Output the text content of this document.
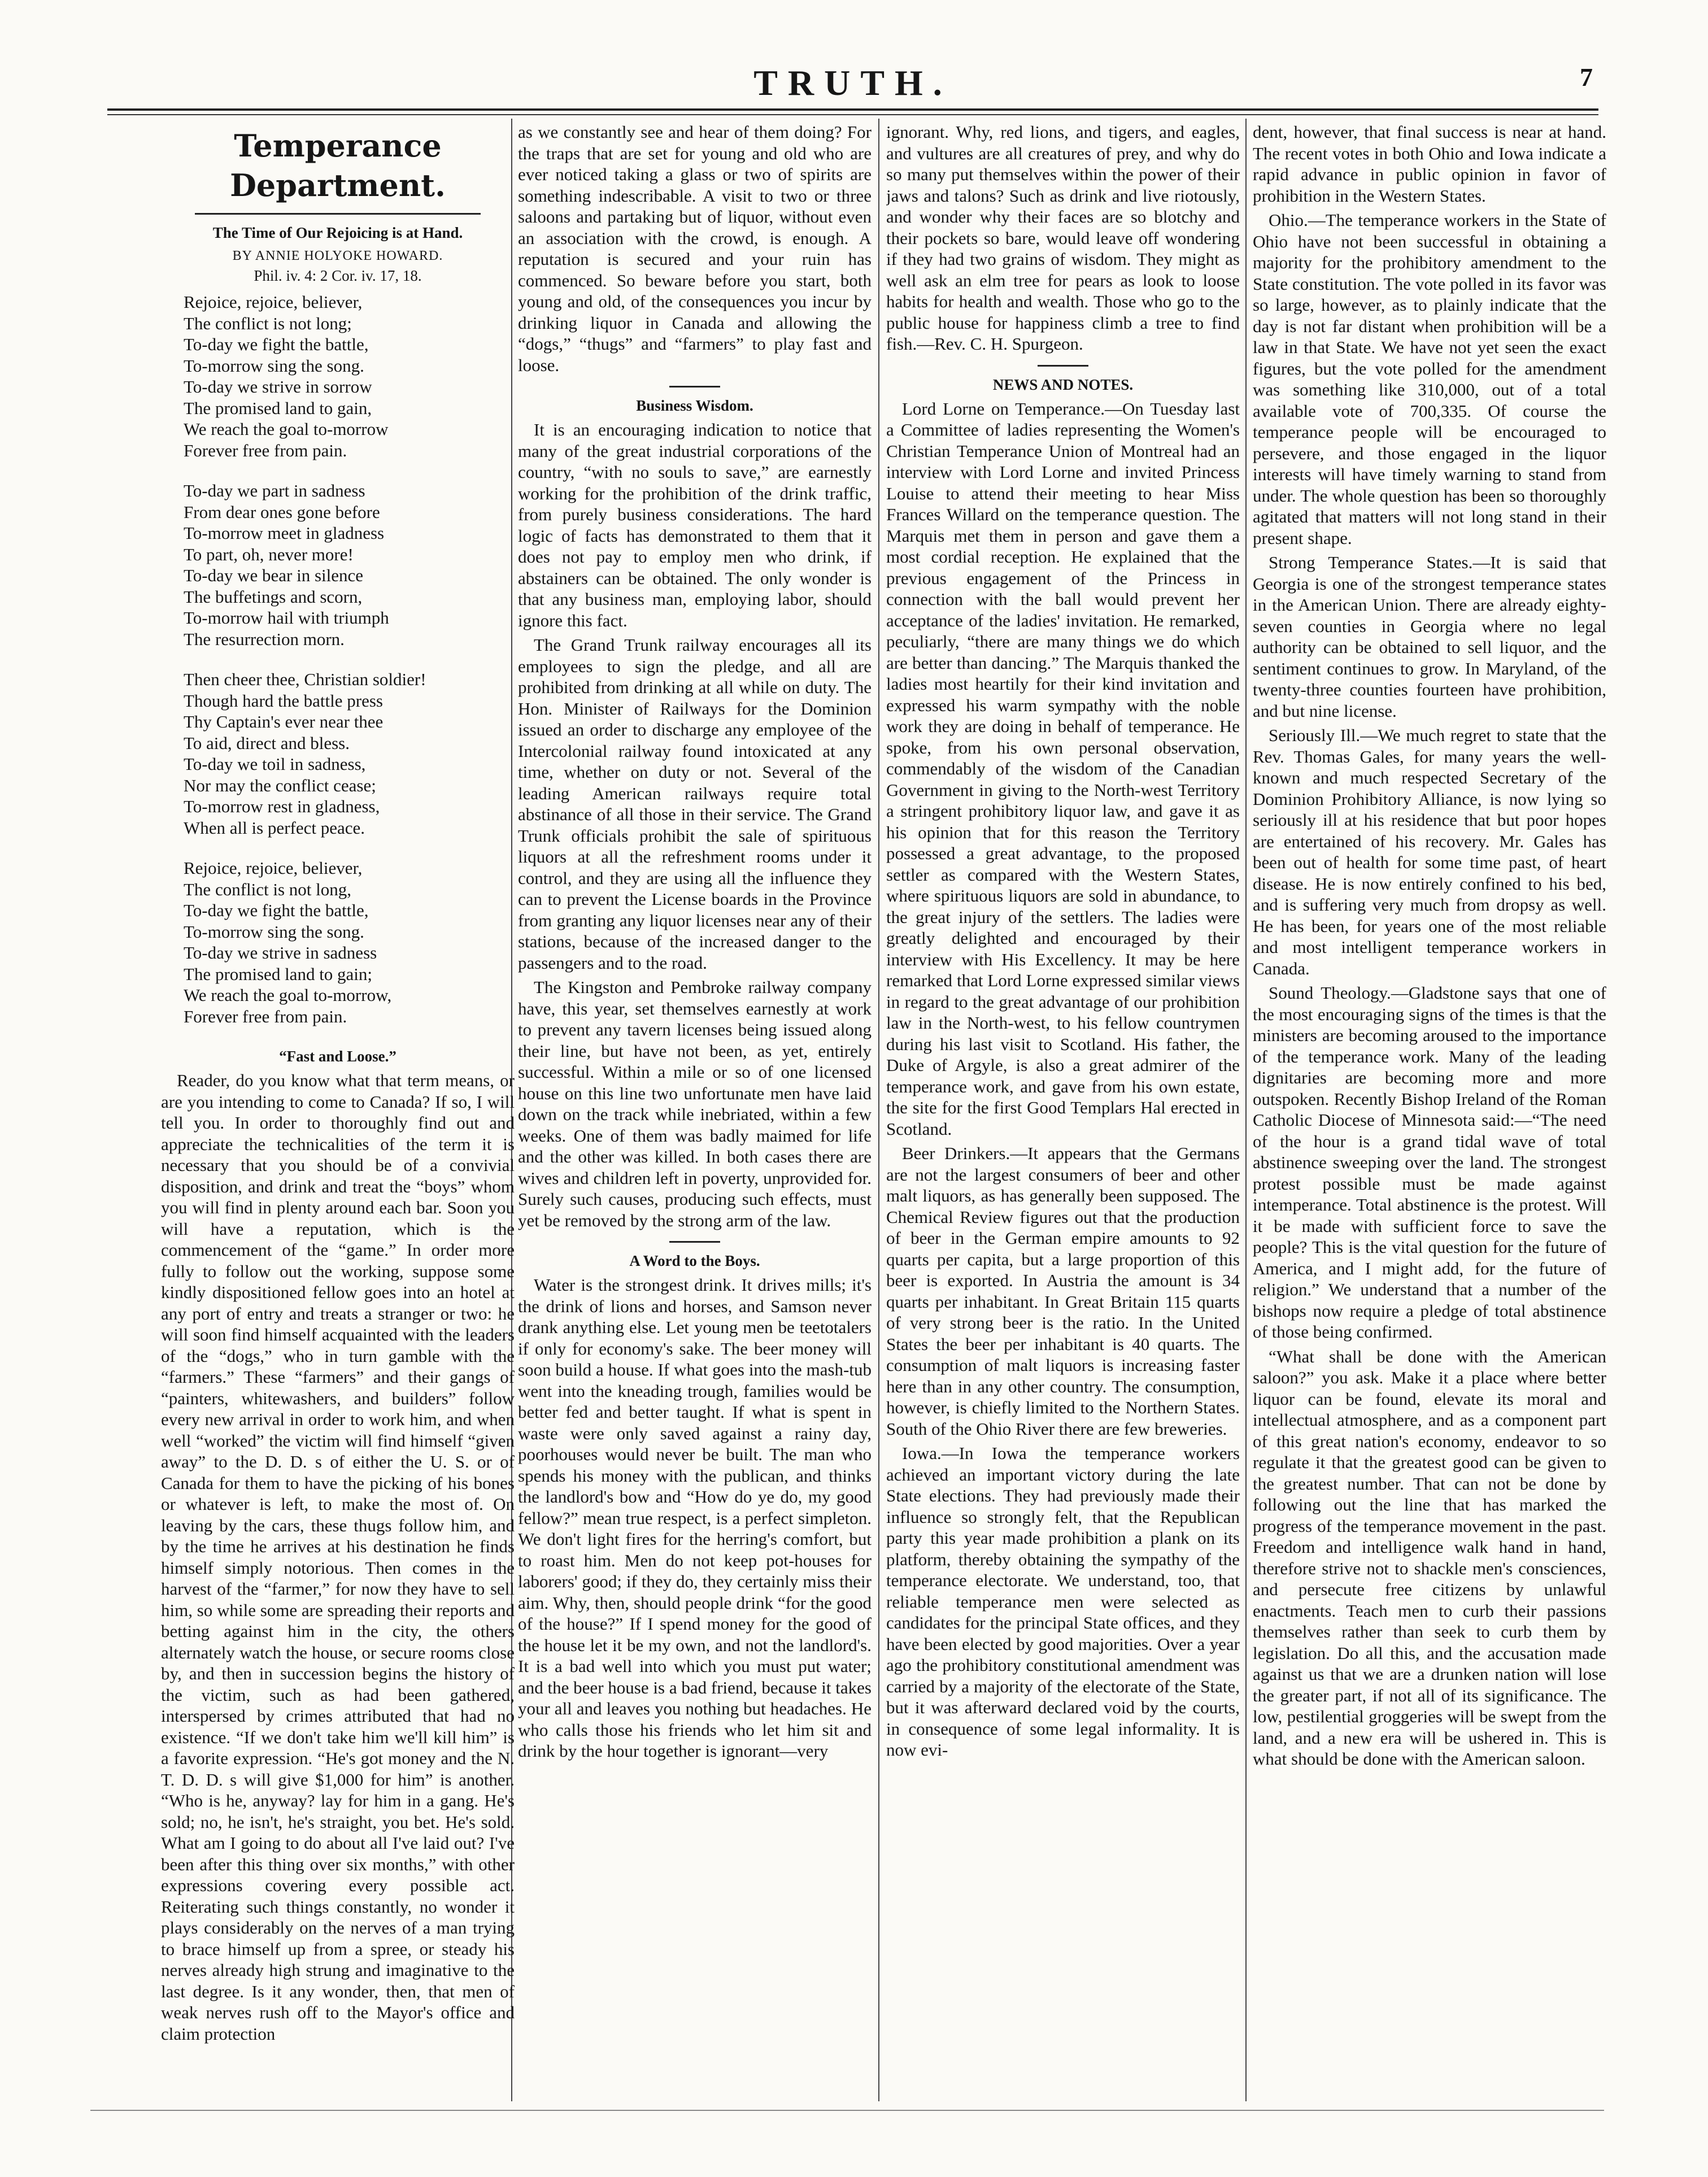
TRUTH.	7
Temperance Department.
The Time of Our Rejoicing is at Hand.
BY ANNIE HOLYOKE HOWARD.
Phil. iv. 4: 2 Cor. iv. 17, 18.
Rejoice, rejoice, believer,
The conflict is not long;
To-day we fight the battle,
To-morrow sing the song.
To-day we strive in sorrow
The promised land to gain,
We reach the goal to-morrow
Forever free from pain.
To-day we part in sadness
From dear ones gone before
To-morrow meet in gladness
To part, oh, never more!
To-day we bear in silence
The buffetings and scorn,
To-morrow hail with triumph
The resurrection morn.
Then cheer thee, Christian soldier!
Though hard the battle press
Thy Captain's ever near thee
To aid, direct and bless.
To-day we toil in sadness,
Nor may the conflict cease;
To-morrow rest in gladness,
When all is perfect peace.
Rejoice, rejoice, believer,
The conflict is not long,
To-day we fight the battle,
To-morrow sing the song.
To-day we strive in sadness
The promised land to gain;
We reach the goal to-morrow,
Forever free from pain.
“Fast and Loose.”

Reader, do you know what that term means, or are you intending to come to Canada? If so, I will tell you. In order to thoroughly find out and appreciate the technicalities of the term it is necessary that you should be of a convivial disposition, and drink and treat the “boys” whom you will find in plenty around each bar. Soon you will have a reputation, which is the commencement of the “game.” In order more fully to follow out the working, suppose some kindly dispositioned fellow goes into an hotel at any port of entry and treats a stranger or two: he will soon find himself acquainted with the leaders of the “dogs,” who in turn gamble with the “farmers.” These “farmers” and their gangs of “painters, whitewashers, and builders” follow every new arrival in order to work him, and when well “worked” the victim will find himself “given away” to the D. D. s of either the U. S. or of Canada for them to have the picking of his bones or whatever is left, to make the most of. On leaving by the cars, these thugs follow him, and by the time he arrives at his destination he finds himself simply notorious. Then comes in the harvest of the “farmer,” for now they have to sell him, so while some are spreading their reports and betting against him in the city, the others alternately watch the house, or secure rooms close by, and then in succession begins the history of the victim, such as had been gathered, interspersed by crimes attributed that had no existence. “If we don't take him we'll kill him” is a favorite expression. “He's got money and the N. T. D. D. s will give $1,000 for him” is another. “Who is he, anyway? lay for him in a gang. He's sold; no, he isn't, he's straight, you bet. He's sold. What am I going to do about all I've laid out? I've been after this thing over six months,” with other expressions covering every possible act. Reiterating such things constantly, no wonder it plays considerably on the nerves of a man trying to brace himself up from a spree, or steady his nerves already high strung and imaginative to the last degree. Is it any wonder, then, that men of weak nerves rush off to the Mayor's office and claim protection

as we constantly see and hear of them doing? For the traps that are set for young and old who are ever noticed taking a glass or two of spirits are something indescribable. A visit to two or three saloons and partaking but of liquor, without even an association with the crowd, is enough. A reputation is secured and your ruin has commenced. So beware before you start, both young and old, of the consequences you incur by drinking liquor in Canada and allowing the “dogs,” “thugs” and “farmers” to play fast and loose.

Business Wisdom.

It is an encouraging indication to notice that many of the great industrial corporations of the country, “with no souls to save,” are earnestly working for the prohibition of the drink traffic, from purely business considerations. The hard logic of facts has demonstrated to them that it does not pay to employ men who drink, if abstainers can be obtained. The only wonder is that any business man, employing labor, should ignore this fact.

The Grand Trunk railway encourages all its employees to sign the pledge, and all are prohibited from drinking at all while on duty. The Hon. Minister of Railways for the Dominion issued an order to discharge any employee of the Intercolonial railway found intoxicated at any time, whether on duty or not. Several of the leading American railways require total abstinance of all those in their service. The Grand Trunk officials prohibit the sale of spirituous liquors at all the refreshment rooms under it control, and they are using all the influence they can to prevent the License boards in the Province from granting any liquor licenses near any of their stations, because of the increased danger to the passengers and to the road.

The Kingston and Pembroke railway company have, this year, set themselves earnestly at work to prevent any tavern licenses being issued along their line, but have not been, as yet, entirely successful. Within a mile or so of one licensed house on this line two unfortunate men have laid down on the track while inebriated, within a few weeks. One of them was badly maimed for life and the other was killed. In both cases there are wives and children left in poverty, unprovided for. Surely such causes, producing such effects, must yet be removed by the strong arm of the law.

A Word to the Boys.

Water is the strongest drink. It drives mills; it's the drink of lions and horses, and Samson never drank anything else. Let young men be teetotalers if only for economy's sake. The beer money will soon build a house. If what goes into the mash-tub went into the kneading trough, families would be better fed and better taught. If what is spent in waste were only saved against a rainy day, poorhouses would never be built. The man who spends his money with the publican, and thinks the landlord's bow and “How do ye do, my good fellow?” mean true respect, is a perfect simpleton. We don't light fires for the herring's comfort, but to roast him. Men do not keep pot-houses for laborers' good; if they do, they certainly miss their aim. Why, then, should people drink “for the good of the house?” If I spend money for the good of the house let it be my own, and not the landlord's. It is a bad well into which you must put water; and the beer house is a bad friend, because it takes your all and leaves you nothing but headaches. He who calls those his friends who let him sit and drink by the hour together is ignorant—very

ignorant. Why, red lions, and tigers, and eagles, and vultures are all creatures of prey, and why do so many put themselves within the power of their jaws and talons? Such as drink and live riotously, and wonder why their faces are so blotchy and their pockets so bare, would leave off wondering if they had two grains of wisdom. They might as well ask an elm tree for pears as look to loose habits for health and wealth. Those who go to the public house for happiness climb a tree to find fish.—Rev. C. H. Spurgeon.

NEWS AND NOTES.

Lord Lorne on Temperance.—On Tuesday last a Committee of ladies representing the Women's Christian Temperance Union of Montreal had an interview with Lord Lorne and invited Princess Louise to attend their meeting to hear Miss Frances Willard on the temperance question. The Marquis met them in person and gave them a most cordial reception. He explained that the previous engagement of the Princess in connection with the ball would prevent her acceptance of the ladies' invitation. He remarked, peculiarly, “there are many things we do which are better than dancing.” The Marquis thanked the ladies most heartily for their kind invitation and expressed his warm sympathy with the noble work they are doing in behalf of temperance. He spoke, from his own personal observation, commendably of the wisdom of the Canadian Government in giving to the North-west Territory a stringent prohibitory liquor law, and gave it as his opinion that for this reason the Territory possessed a great advantage, to the proposed settler as compared with the Western States, where spirituous liquors are sold in abundance, to the great injury of the settlers. The ladies were greatly delighted and encouraged by their interview with His Excellency. It may be here remarked that Lord Lorne expressed similar views in regard to the great advantage of our prohibition law in the North-west, to his fellow countrymen during his last visit to Scotland. His father, the Duke of Argyle, is also a great admirer of the temperance work, and gave from his own estate, the site for the first Good Templars Hal erected in Scotland.

Beer Drinkers.—It appears that the Germans are not the largest consumers of beer and other malt liquors, as has generally been supposed. The Chemical Review figures out that the production of beer in the German empire amounts to 92 quarts per capita, but a large proportion of this beer is exported. In Austria the amount is 34 quarts per inhabitant. In Great Britain 115 quarts of very strong beer is the ratio. In the United States the beer per inhabitant is 40 quarts. The consumption of malt liquors is increasing faster here than in any other country. The consumption, however, is chiefly limited to the Northern States. South of the Ohio River there are few breweries.

Iowa.—In Iowa the temperance workers achieved an important victory during the late State elections. They had previously made their influence so strongly felt, that the Republican party this year made prohibition a plank on its platform, thereby obtaining the sympathy of the temperance electorate. We understand, too, that reliable temperance men were selected as candidates for the principal State offices, and they have been elected by good majorities. Over a year ago the prohibitory constitutional amendment was carried by a majority of the electorate of the State, but it was afterward declared void by the courts, in consequence of some legal informality. It is now evi-

dent, however, that final success is near at hand. The recent votes in both Ohio and Iowa indicate a rapid advance in public opinion in favor of prohibition in the Western States.

Ohio.—The temperance workers in the State of Ohio have not been successful in obtaining a majority for the prohibitory amendment to the State constitution. The vote polled in its favor was so large, however, as to plainly indicate that the day is not far distant when prohibition will be a law in that State. We have not yet seen the exact figures, but the vote polled for the amendment was something like 310,000, out of a total available vote of 700,335. Of course the temperance people will be encouraged to persevere, and those engaged in the liquor interests will have timely warning to stand from under. The whole question has been so thoroughly agitated that matters will not long stand in their present shape.

Strong Temperance States.—It is said that Georgia is one of the strongest temperance states in the American Union. There are already eighty-seven counties in Georgia where no legal authority can be obtained to sell liquor, and the sentiment continues to grow. In Maryland, of the twenty-three counties fourteen have prohibition, and but nine license.

Seriously Ill.—We much regret to state that the Rev. Thomas Gales, for many years the well-known and much respected Secretary of the Dominion Prohibitory Alliance, is now lying so seriously ill at his residence that but poor hopes are entertained of his recovery. Mr. Gales has been out of health for some time past, of heart disease. He is now entirely confined to his bed, and is suffering very much from dropsy as well. He has been, for years one of the most reliable and most intelligent temperance workers in Canada.

Sound Theology.—Gladstone says that one of the most encouraging signs of the times is that the ministers are becoming aroused to the importance of the temperance work. Many of the leading dignitaries are becoming more and more outspoken. Recently Bishop Ireland of the Roman Catholic Diocese of Minnesota said:—“The need of the hour is a grand tidal wave of total abstinence sweeping over the land. The strongest protest possible must be made against intemperance. Total abstinence is the protest. Will it be made with sufficient force to save the people? This is the vital question for the future of America, and I might add, for the future of religion.” We understand that a number of the bishops now require a pledge of total abstinence of those being confirmed.

“What shall be done with the American saloon?” you ask. Make it a place where better liquor can be found, elevate its moral and intellectual atmosphere, and as a component part of this great nation's economy, endeavor to so regulate it that the greatest good can be given to the greatest number. That can not be done by following out the line that has marked the progress of the temperance movement in the past. Freedom and intelligence walk hand in hand, therefore strive not to shackle men's consciences, and persecute free citizens by unlawful enactments. Teach men to curb their passions themselves rather than seek to curb them by legislation. Do all this, and the accusation made against us that we are a drunken nation will lose the greater part, if not all of its significance. The low, pestilential groggeries will be swept from the land, and a new era will be ushered in. This is what should be done with the American saloon.
